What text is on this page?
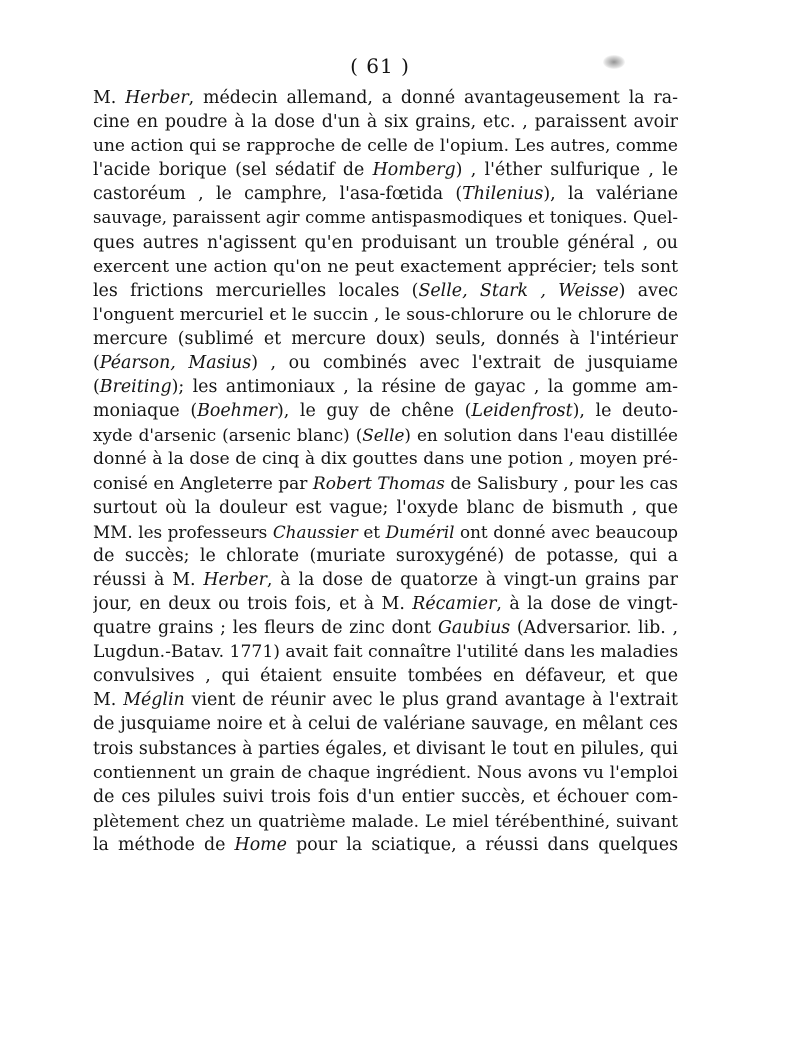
( 61 )
M. Herber, médecin allemand, a donné avantageusement la ra-
cine en poudre à la dose d'un à six grains, etc. , paraissent avoir
une action qui se rapproche de celle de l'opium. Les autres, comme
l'acide borique (sel sédatif de Homberg) , l'éther sulfurique , le
castoréum , le camphre, l'asa-fœtida (Thilenius), la valériane
sauvage, paraissent agir comme antispasmodiques et toniques. Quel-
ques autres n'agissent qu'en produisant un trouble général , ou
exercent une action qu'on ne peut exactement apprécier; tels sont
les frictions mercurielles locales (Selle, Stark , Weisse) avec
l'onguent mercuriel et le succin , le sous-chlorure ou le chlorure de
mercure (sublimé et mercure doux) seuls, donnés à l'intérieur
(Péarson, Masius) , ou combinés avec l'extrait de jusquiame
(Breiting); les antimoniaux , la résine de gayac , la gomme am-
moniaque (Boehmer), le guy de chêne (Leidenfrost), le deuto-
xyde d'arsenic (arsenic blanc) (Selle) en solution dans l'eau distillée
donné à la dose de cinq à dix gouttes dans une potion , moyen pré-
conisé en Angleterre par Robert Thomas de Salisbury , pour les cas
surtout où la douleur est vague; l'oxyde blanc de bismuth , que
MM. les professeurs Chaussier et Duméril ont donné avec beaucoup
de succès; le chlorate (muriate suroxygéné) de potasse, qui a
réussi à M. Herber, à la dose de quatorze à vingt-un grains par
jour, en deux ou trois fois, et à M. Récamier, à la dose de vingt-
quatre grains ; les fleurs de zinc dont Gaubius (Adversarior. lib. ,
Lugdun.-Batav. 1771) avait fait connaître l'utilité dans les maladies
convulsives , qui étaient ensuite tombées en défaveur, et que
M. Méglin vient de réunir avec le plus grand avantage à l'extrait
de jusquiame noire et à celui de valériane sauvage, en mêlant ces
trois substances à parties égales, et divisant le tout en pilules, qui
contiennent un grain de chaque ingrédient. Nous avons vu l'emploi
de ces pilules suivi trois fois d'un entier succès, et échouer com-
plètement chez un quatrième malade. Le miel térébenthiné, suivant
la méthode de Home pour la sciatique, a réussi dans quelques
